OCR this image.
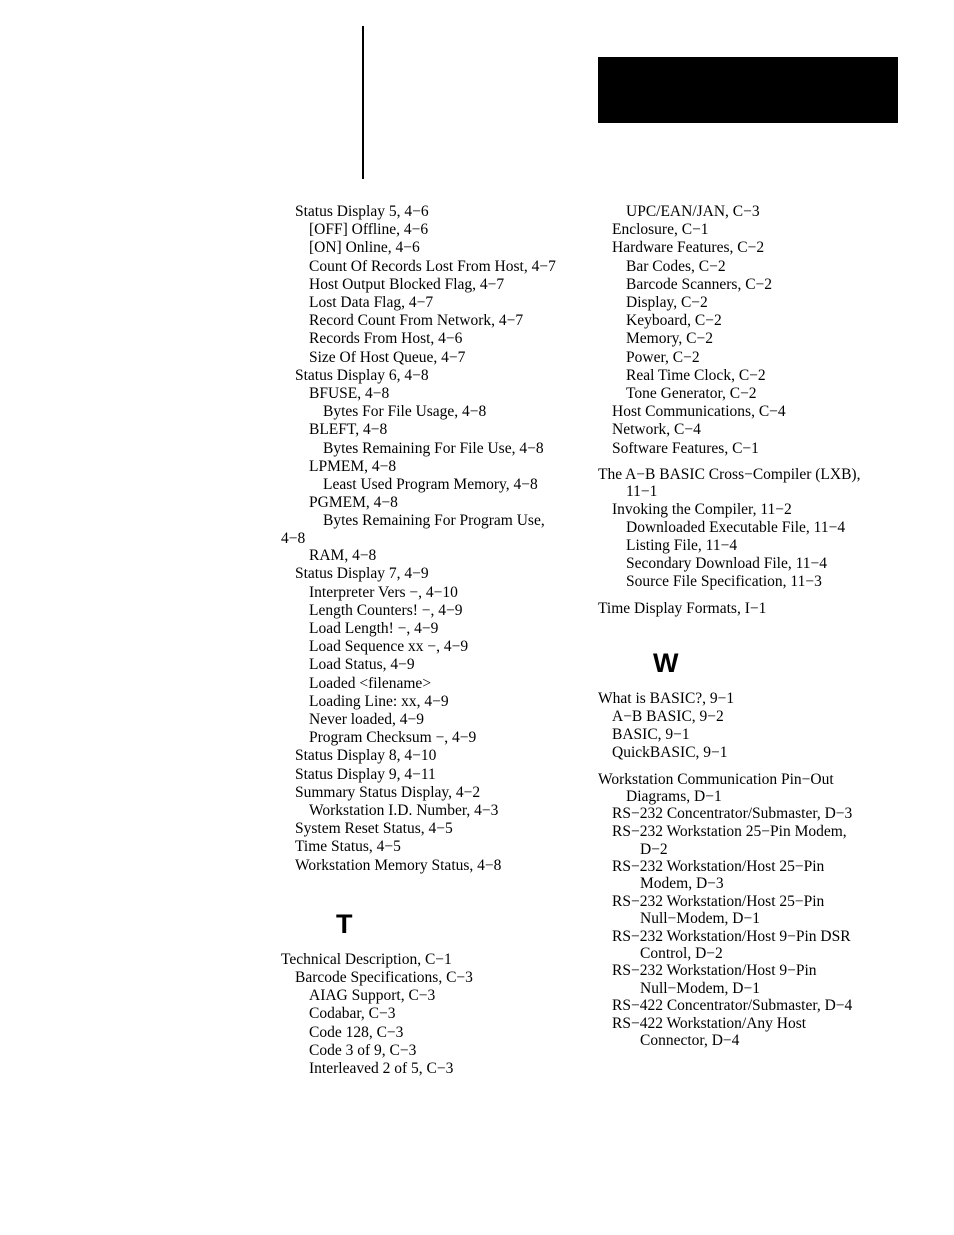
Status Display 5, 4−6
[OFF] Offline, 4−6
[ON] Online, 4−6
Count Of Records Lost From Host, 4−7
Host Output Blocked Flag, 4−7
Lost Data Flag, 4−7
Record Count From Network, 4−7
Records From Host, 4−6
Size Of Host Queue, 4−7
Status Display 6, 4−8
BFUSE, 4−8
Bytes For File Usage, 4−8
BLEFT, 4−8
Bytes Remaining For File Use, 4−8
LPMEM, 4−8
Least Used Program Memory, 4−8
PGMEM, 4−8
Bytes Remaining For Program Use,
4−8
RAM, 4−8
Status Display 7, 4−9
Interpreter Vers −, 4−10
Length Counters! −, 4−9
Load Length! −, 4−9
Load Sequence xx −, 4−9
Load Status, 4−9
Loaded <filename>
Loading Line: xx, 4−9
Never loaded, 4−9
Program Checksum −, 4−9
Status Display 8, 4−10
Status Display 9, 4−11
Summary Status Display, 4−2
Workstation I.D. Number, 4−3
System Reset Status, 4−5
Time Status, 4−5
Workstation Memory Status, 4−8
T
Technical Description, C−1
Barcode Specifications, C−3
AIAG Support, C−3
Codabar, C−3
Code 128, C−3
Code 3 of 9, C−3
Interleaved 2 of 5, C−3
UPC/EAN/JAN, C−3
Enclosure, C−1
Hardware Features, C−2
Bar Codes, C−2
Barcode Scanners, C−2
Display, C−2
Keyboard, C−2
Memory, C−2
Power, C−2
Real Time Clock, C−2
Tone Generator, C−2
Host Communications, C−4
Network, C−4
Software Features, C−1
The A−B BASIC Cross−Compiler (LXB),
11−1
Invoking the Compiler, 11−2
Downloaded Executable File, 11−4
Listing File, 11−4
Secondary Download File, 11−4
Source File Specification, 11−3
Time Display Formats, I−1
W
What is BASIC?, 9−1
A−B BASIC, 9−2
BASIC, 9−1
QuickBASIC, 9−1
Workstation Communication Pin−Out
Diagrams, D−1
RS−232 Concentrator/Submaster, D−3
RS−232 Workstation 25−Pin Modem,
D−2
RS−232 Workstation/Host 25−Pin
Modem, D−3
RS−232 Workstation/Host 25−Pin
Null−Modem, D−1
RS−232 Workstation/Host 9−Pin DSR
Control, D−2
RS−232 Workstation/Host 9−Pin
Null−Modem, D−1
RS−422 Concentrator/Submaster, D−4
RS−422 Workstation/Any Host
Connector, D−4
